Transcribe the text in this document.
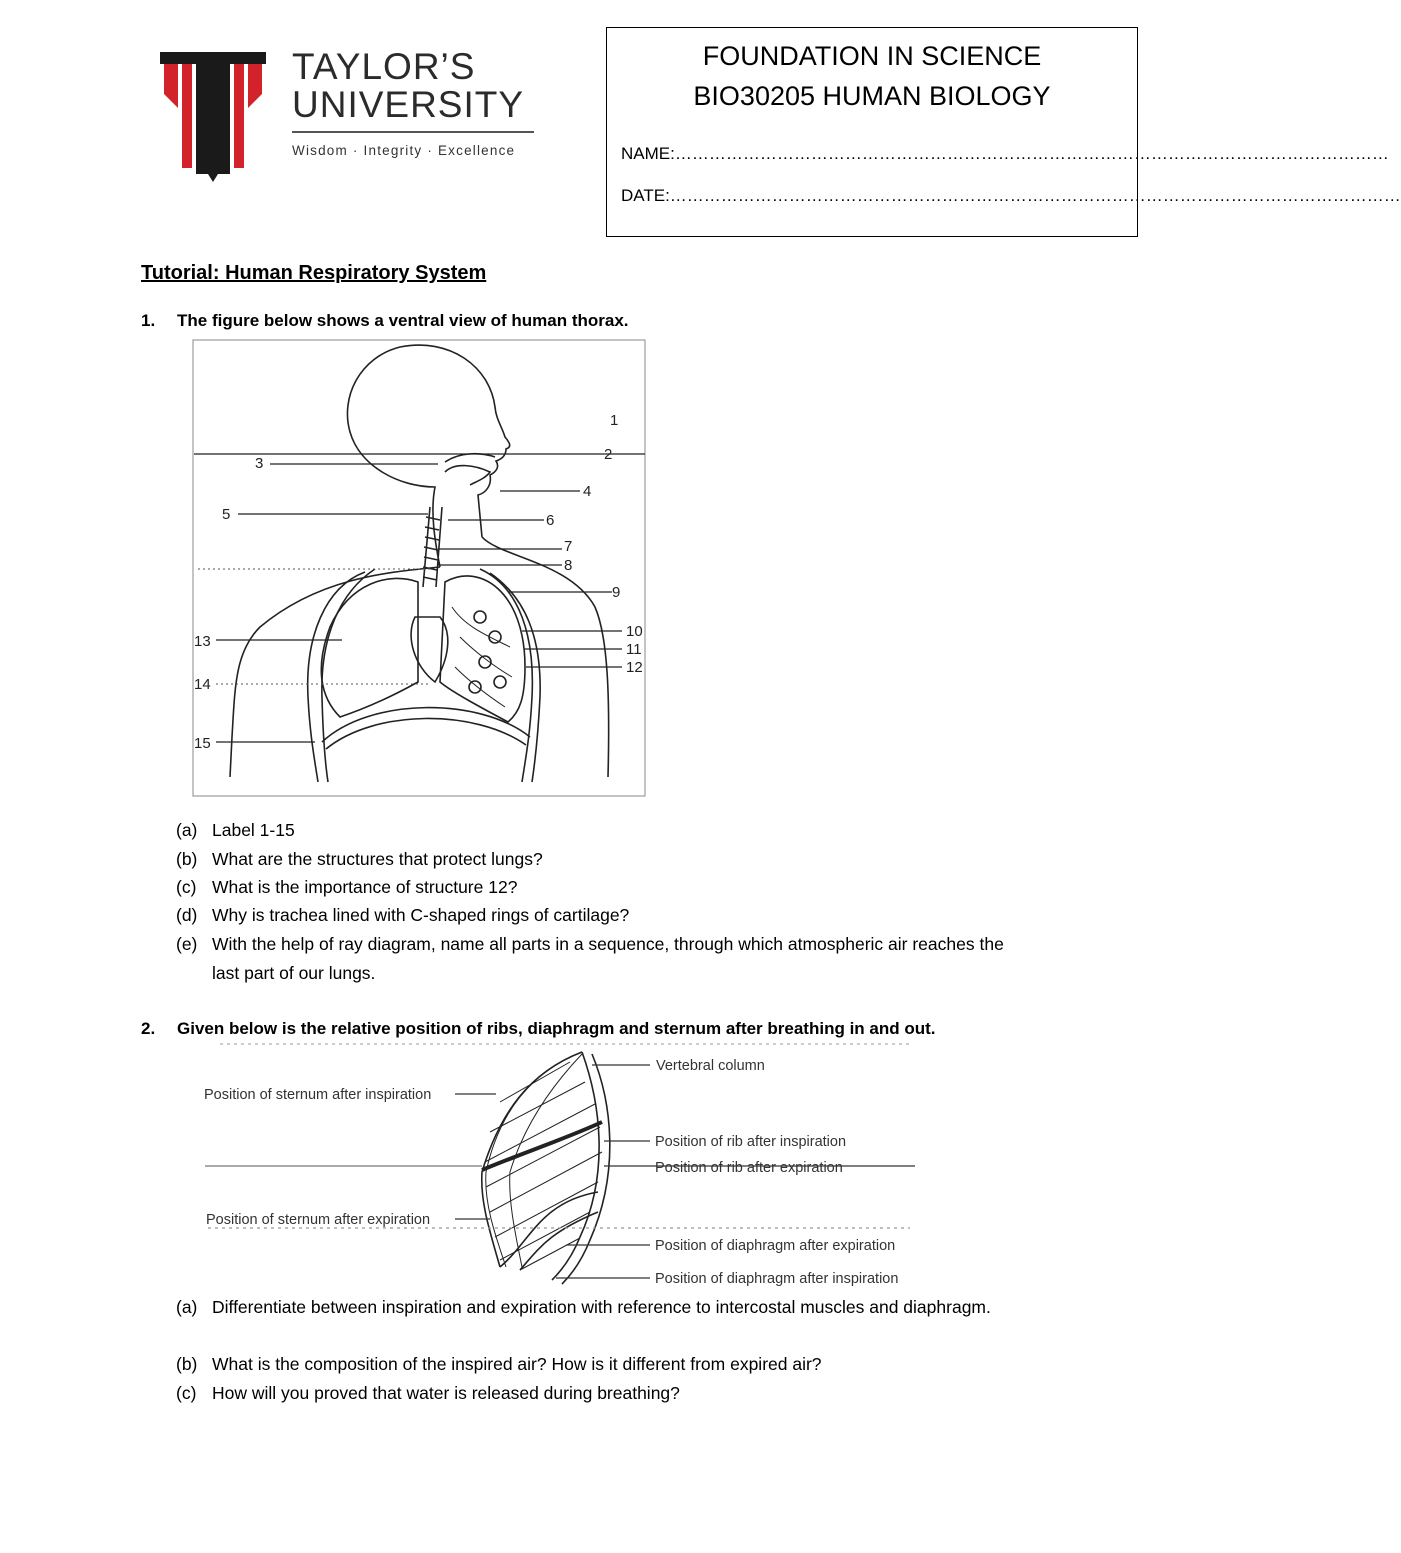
TAYLOR’S
UNIVERSITY
Wisdom · Integrity · Excellence
FOUNDATION IN SCIENCE
BIO30205 HUMAN BIOLOGY
NAME:………………………………………………………………………………………………………………
DATE:…………………………………………………………………………………………………………………
Tutorial: Human Respiratory System
1. The figure below shows a ventral view of human thorax.
1
2
3
4
5	6
7
8
9
10
11
12
13
14
15
(a) Label 1-15
(b) What are the structures that protect lungs?
(c) What is the importance of structure 12?
(d) Why is trachea lined with C-shaped rings of cartilage?
(e) With the help of ray diagram, name all parts in a sequence, through which atmospheric air reaches the last part of our lungs.
2. Given below is the relative position of ribs, diaphragm and sternum after breathing in and out.
Vertebral column
Position of sternum after inspiration
Position of rib after inspiration
Position of rib after expiration
Position of sternum after expiration
Position of diaphragm after expiration
Position of diaphragm after inspiration
(a) Differentiate between inspiration and expiration with reference to intercostal muscles and diaphragm.
(b) What is the composition of the inspired air? How is it different from expired air?
(c) How will you proved that water is released during breathing?
